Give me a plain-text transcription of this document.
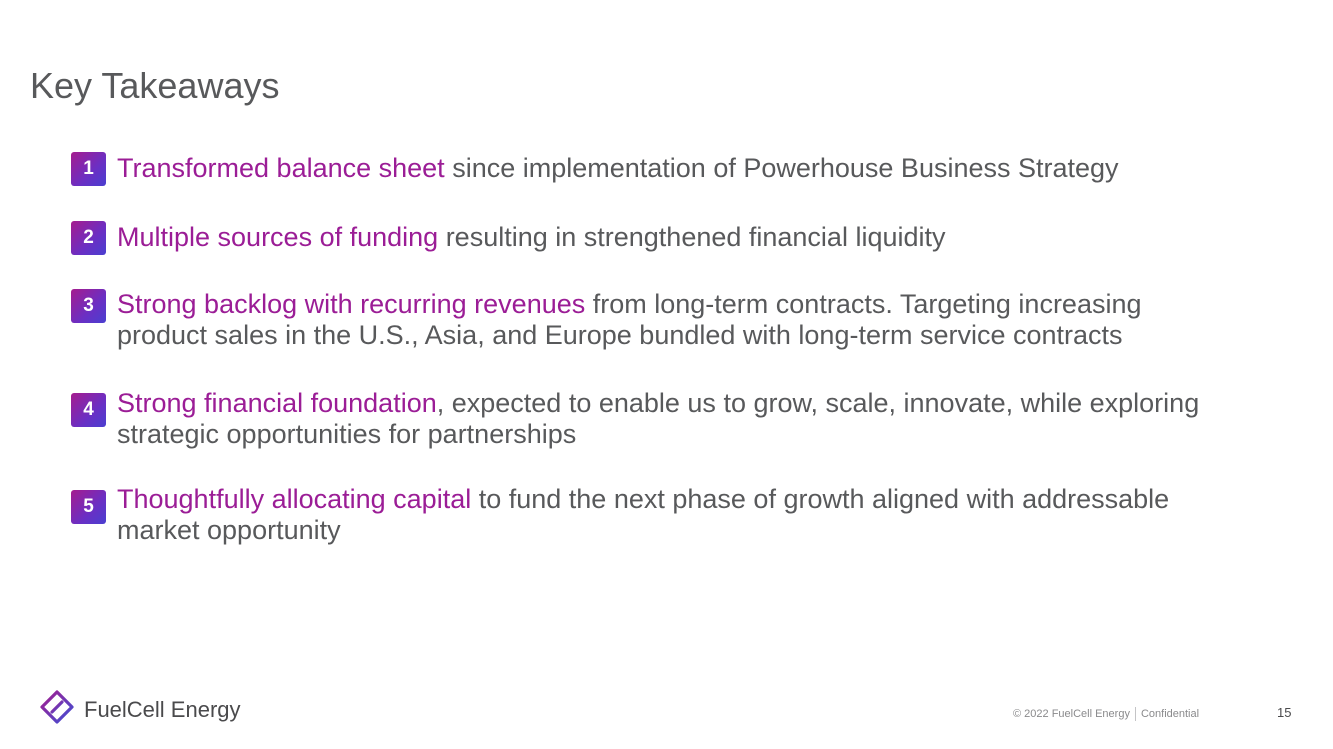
Key Takeaways
1 Transformed balance sheet since implementation of Powerhouse Business Strategy
2 Multiple sources of funding resulting in strengthened financial liquidity
3 Strong backlog with recurring revenues from long-term contracts. Targeting increasing product sales in the U.S., Asia, and Europe bundled with long-term service contracts
4 Strong financial foundation, expected to enable us to grow, scale, innovate, while exploring strategic opportunities for partnerships
5 Thoughtfully allocating capital to fund the next phase of growth aligned with addressable market opportunity
FuelCell Energy	© 2022 FuelCell Energy Confidential	15
